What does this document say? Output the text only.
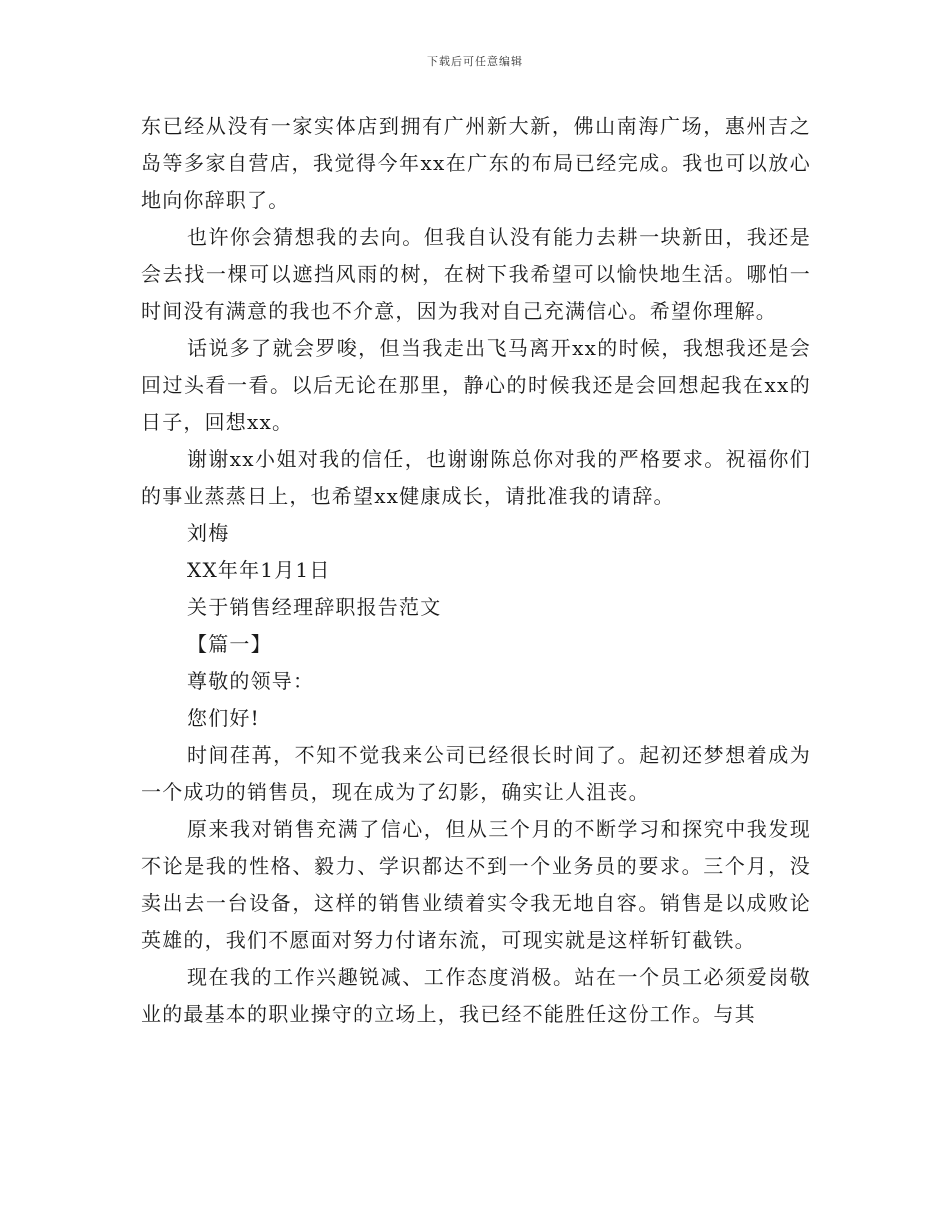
下载后可任意编辑

东已经从没有一家实体店到拥有广州新大新，佛山南海广场，惠州吉之岛等多家自营店，我觉得今年xx在广东的布局已经完成。我也可以放心地向你辞职了。

也许你会猜想我的去向。但我自认没有能力去耕一块新田，我还是会去找一棵可以遮挡风雨的树，在树下我希望可以愉快地生活。哪怕一时间没有满意的我也不介意，因为我对自己充满信心。希望你理解。

话说多了就会罗唆，但当我走出飞马离开xx的时候，我想我还是会回过头看一看。以后无论在那里，静心的时候我还是会回想起我在xx的日子，回想xx。

谢谢xx小姐对我的信任，也谢谢陈总你对我的严格要求。祝福你们的事业蒸蒸日上，也希望xx健康成长，请批准我的请辞。

刘梅

XX年年1月1日

关于销售经理辞职报告范文

【篇一】

尊敬的领导：

您们好!

时间荏苒，不知不觉我来公司已经很长时间了。起初还梦想着成为一个成功的销售员，现在成为了幻影，确实让人沮丧。

原来我对销售充满了信心，但从三个月的不断学习和探究中我发现不论是我的性格、毅力、学识都达不到一个业务员的要求。三个月，没卖出去一台设备，这样的销售业绩着实令我无地自容。销售是以成败论英雄的，我们不愿面对努力付诸东流，可现实就是这样斩钉截铁。

现在我的工作兴趣锐减、工作态度消极。站在一个员工必须爱岗敬业的最基本的职业操守的立场上，我已经不能胜任这份工作。与其
